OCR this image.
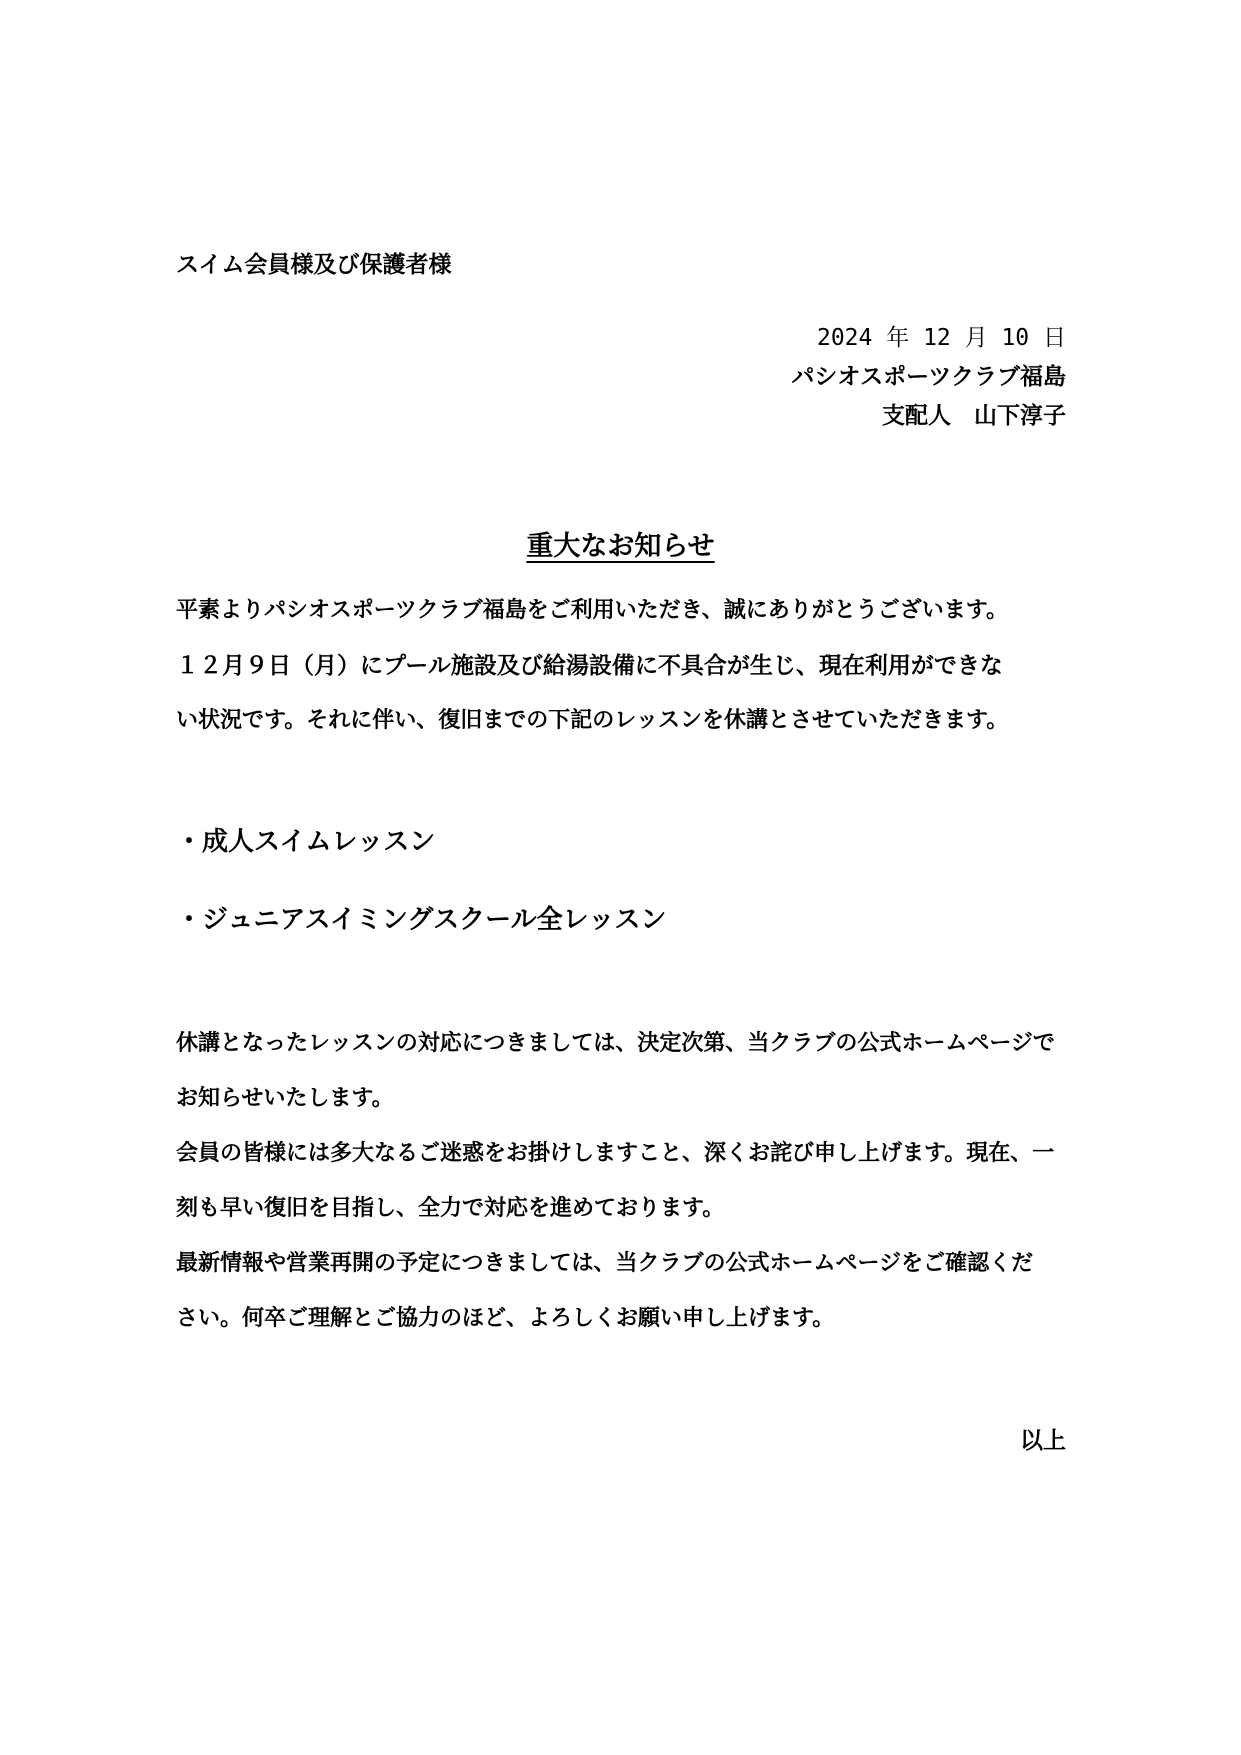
スイム会員様及び保護者様
2024 年 12 月 10 日
パシオスポーツクラブ福島
支配人　山下淳子
重大なお知らせ
平素よりパシオスポーツクラブ福島をご利用いただき、誠にありがとうございます。
１２月９日（月）にプール施設及び給湯設備に不具合が生じ、現在利用ができな
い状況です。それに伴い、復旧までの下記のレッスンを休講とさせていただきます。
・成人スイムレッスン
・ジュニアスイミングスクール全レッスン
休講となったレッスンの対応につきましては、決定次第、当クラブの公式ホームページで
お知らせいたします。
会員の皆様には多大なるご迷惑をお掛けしますこと、深くお詫び申し上げます。現在、一
刻も早い復旧を目指し、全力で対応を進めております。
最新情報や営業再開の予定につきましては、当クラブの公式ホームページをご確認くだ
さい。何卒ご理解とご協力のほど、よろしくお願い申し上げます。
以上
